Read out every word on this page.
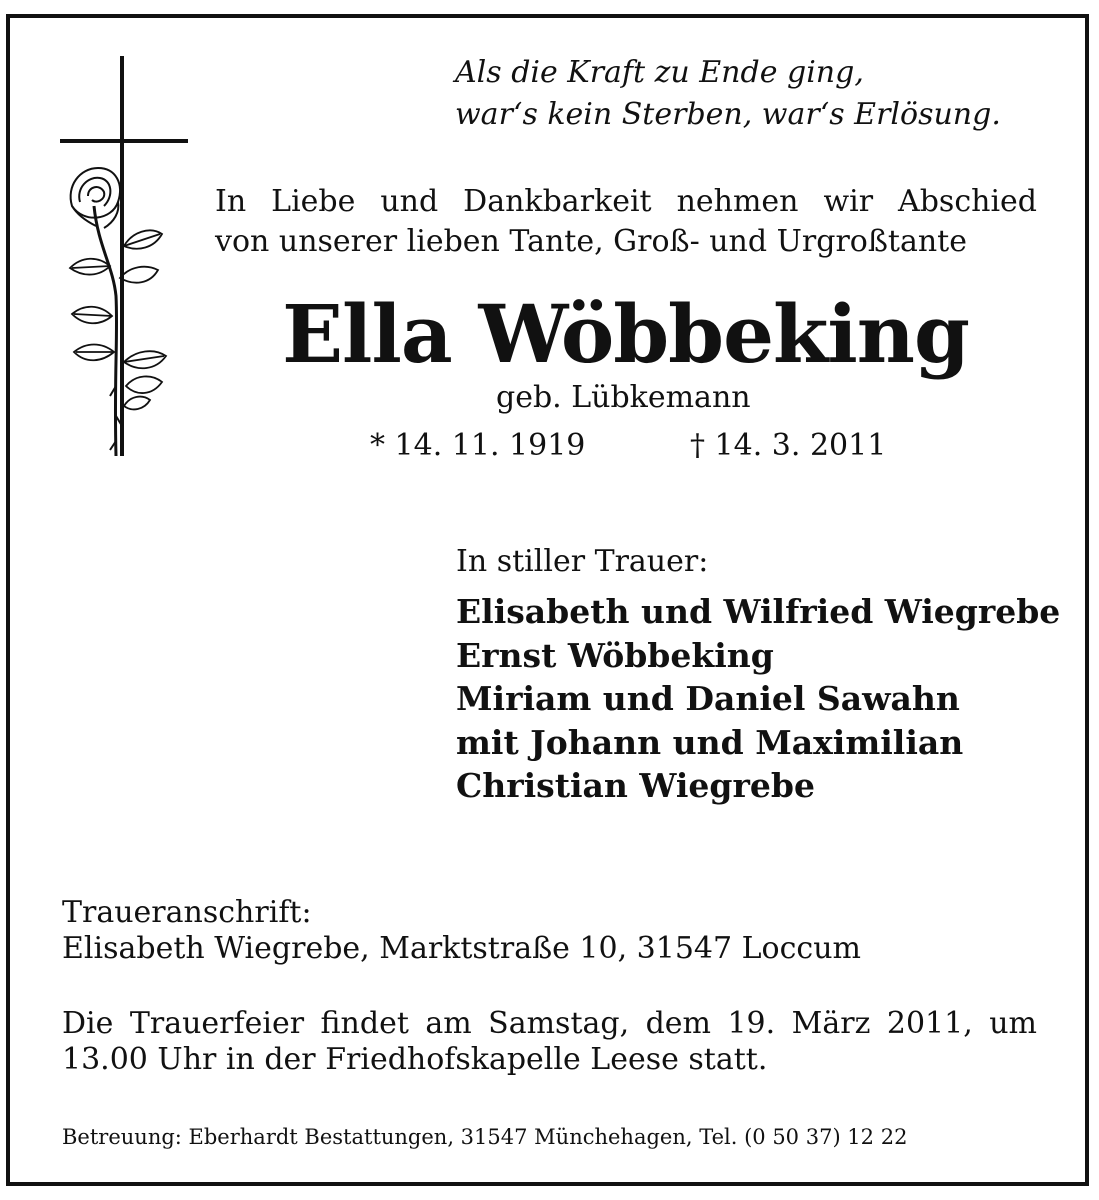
Als die Kraft zu Ende ging,
war‘s kein Sterben, war‘s Erlösung.
In Liebe und Dankbarkeit nehmen wir Abschied
von unserer lieben Tante, Groß- und Urgroßtante
Ella Wöbbeking
geb. Lübkemann
* 14. 11. 1919	† 14. 3. 2011
In stiller Trauer:
Elisabeth und Wilfried Wiegrebe
Ernst Wöbbeking
Miriam und Daniel Sawahn
mit Johann und Maximilian
Christian Wiegrebe
Traueranschrift:
Elisabeth Wiegrebe, Marktstraße 10, 31547 Loccum
Die Trauerfeier findet am Samstag, dem 19. März 2011, um
13.00 Uhr in der Friedhofskapelle Leese statt.
Betreuung: Eberhardt Bestattungen, 31547 Münchehagen, Tel. (0 50 37) 12 22
